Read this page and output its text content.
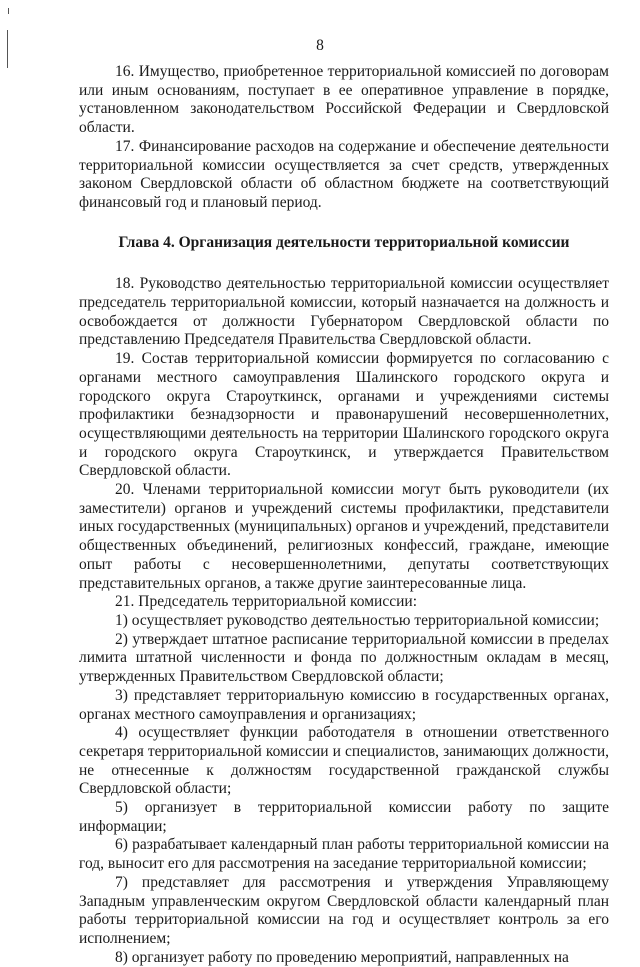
8

16. Имущество, приобретенное территориальной комиссией по договорам или иным основаниям, поступает в ее оперативное управление в порядке, установленном законодательством Российской Федерации и Свердловской области.

17. Финансирование расходов на содержание и обеспечение деятельности территориальной комиссии осуществляется за счет средств, утвержденных законом Свердловской области об областном бюджете на соответствующий финансовый год и плановый период.

Глава 4. Организация деятельности территориальной комиссии

18. Руководство деятельностью территориальной комиссии осуществляет председатель территориальной комиссии, который назначается на должность и освобождается от должности Губернатором Свердловской области по представлению Председателя Правительства Свердловской области.

19. Состав территориальной комиссии формируется по согласованию с органами местного самоуправления Шалинского городского округа и городского округа Староуткинск, органами и учреждениями системы профилактики безнадзорности и правонарушений несовершеннолетних, осуществляющими деятельность на территории Шалинского городского округа и городского округа Староуткинск, и утверждается Правительством Свердловской области.

20. Членами территориальной комиссии могут быть руководители (их заместители) органов и учреждений системы профилактики, представители иных государственных (муниципальных) органов и учреждений, представители общественных объединений, религиозных конфессий, граждане, имеющие опыт работы с несовершеннолетними, депутаты соответствующих представительных органов, а также другие заинтересованные лица.

21. Председатель территориальной комиссии:

1) осуществляет руководство деятельностью территориальной комиссии;

2) утверждает штатное расписание территориальной комиссии в пределах лимита штатной численности и фонда по должностным окладам в месяц, утвержденных Правительством Свердловской области;

3) представляет территориальную комиссию в государственных органах, органах местного самоуправления и организациях;

4) осуществляет функции работодателя в отношении ответственного секретаря территориальной комиссии и специалистов, занимающих должности, не отнесенные к должностям государственной гражданской службы Свердловской области;

5) организует в территориальной комиссии работу по защите информации;

6) разрабатывает календарный план работы территориальной комиссии на год, выносит его для рассмотрения на заседание территориальной комиссии;

7) представляет для рассмотрения и утверждения Управляющему Западным управленческим округом Свердловской области календарный план работы территориальной комиссии на год и осуществляет контроль за его исполнением;

8) организует работу по проведению мероприятий, направленных на
